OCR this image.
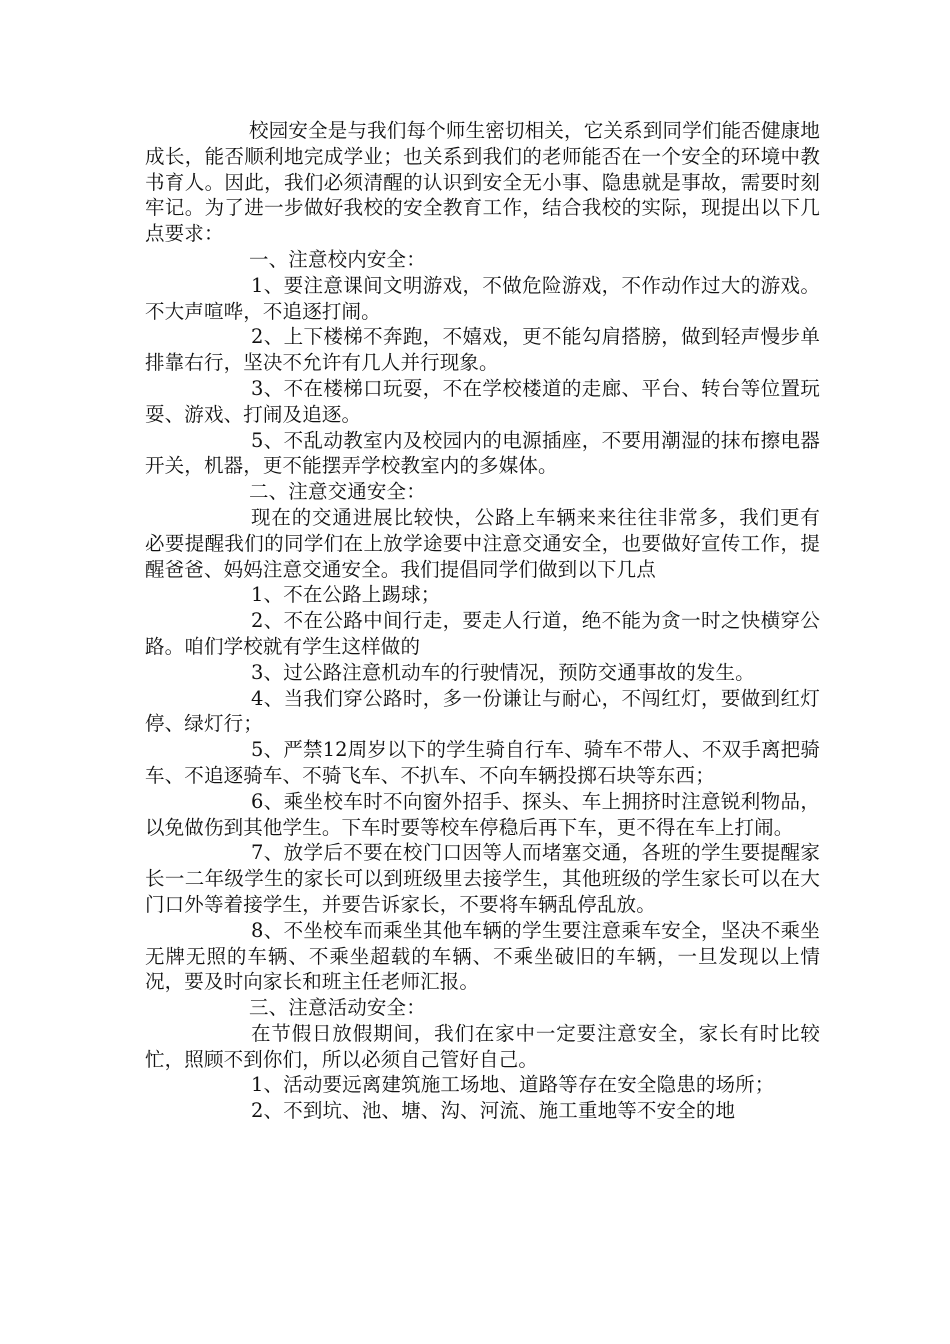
校园安全是与我们每个师生密切相关，它关系到同学们能否健康地成长，能否顺利地完成学业；也关系到我们的老师能否在一个安全的环境中教书育人。因此，我们必须清醒的认识到安全无小事、隐患就是事故，需要时刻牢记。为了进一步做好我校的安全教育工作，结合我校的实际，现提出以下几点要求：

一、注意校内安全：

1、要注意课间文明游戏，不做危险游戏，不作动作过大的游戏。不大声喧哗，不追逐打闹。

2、上下楼梯不奔跑，不嬉戏，更不能勾肩搭膀，做到轻声慢步单排靠右行，坚决不允许有几人并行现象。

3、不在楼梯口玩耍，不在学校楼道的走廊、平台、转台等位置玩耍、游戏、打闹及追逐。

5、不乱动教室内及校园内的电源插座，不要用潮湿的抹布擦电器开关，机器，更不能摆弄学校教室内的多媒体。

二、注意交通安全：

现在的交通进展比较快，公路上车辆来来往往非常多，我们更有必要提醒我们的同学们在上放学途要中注意交通安全，也要做好宣传工作，提醒爸爸、妈妈注意交通安全。我们提倡同学们做到以下几点

1、不在公路上踢球；

2、不在公路中间行走，要走人行道，绝不能为贪一时之快横穿公路。咱们学校就有学生这样做的

3、过公路注意机动车的行驶情况，预防交通事故的发生。

4、当我们穿公路时，多一份谦让与耐心，不闯红灯，要做到红灯停、绿灯行；

5、严禁12周岁以下的学生骑自行车、骑车不带人、不双手离把骑车、不追逐骑车、不骑飞车、不扒车、不向车辆投掷石块等东西；

6、乘坐校车时不向窗外招手、探头、车上拥挤时注意锐利物品，以免做伤到其他学生。下车时要等校车停稳后再下车，更不得在车上打闹。

7、放学后不要在校门口因等人而堵塞交通，各班的学生要提醒家长一二年级学生的家长可以到班级里去接学生，其他班级的学生家长可以在大门口外等着接学生，并要告诉家长，不要将车辆乱停乱放。

8、不坐校车而乘坐其他车辆的学生要注意乘车安全，坚决不乘坐无牌无照的车辆、不乘坐超载的车辆、不乘坐破旧的车辆，一旦发现以上情况，要及时向家长和班主任老师汇报。

三、注意活动安全：

在节假日放假期间，我们在家中一定要注意安全，家长有时比较忙，照顾不到你们，所以必须自己管好自己。

1、活动要远离建筑施工场地、道路等存在安全隐患的场所；

2、不到坑、池、塘、沟、河流、施工重地等不安全的地
